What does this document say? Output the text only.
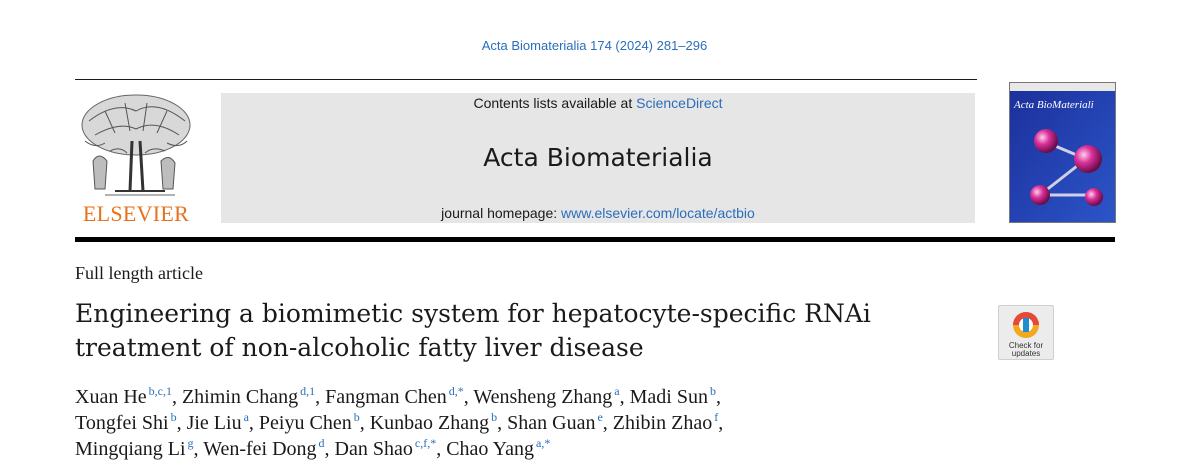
Acta Biomaterialia 174 (2024) 281–296
ELSEVIER
Contents lists available at ScienceDirect
Acta Biomaterialia
journal homepage: www.elsevier.com/locate/actbio
Acta BioMateriali
Full length article
Engineering a biomimetic system for hepatocyte-specific RNAi
treatment of non-alcoholic fatty liver disease	Check for
updates
Xuan He $^{b,c,1}$, Zhimin Chang $^{d,1}$, Fangman Chen $^{d,*}$, Wensheng Zhang $^a$, Madi Sun $^b$,
Tongfei Shi $^b$, Jie Liu $^a$, Peiyu Chen $^b$, Kunbao Zhang $^b$, Shan Guan $^e$, Zhibin Zhao $^f$,
Mingqiang Li $^g$, Wen-fei Dong $^d$, Dan Shao $^{c,f,*}$, Chao Yang $^{a,*}$
